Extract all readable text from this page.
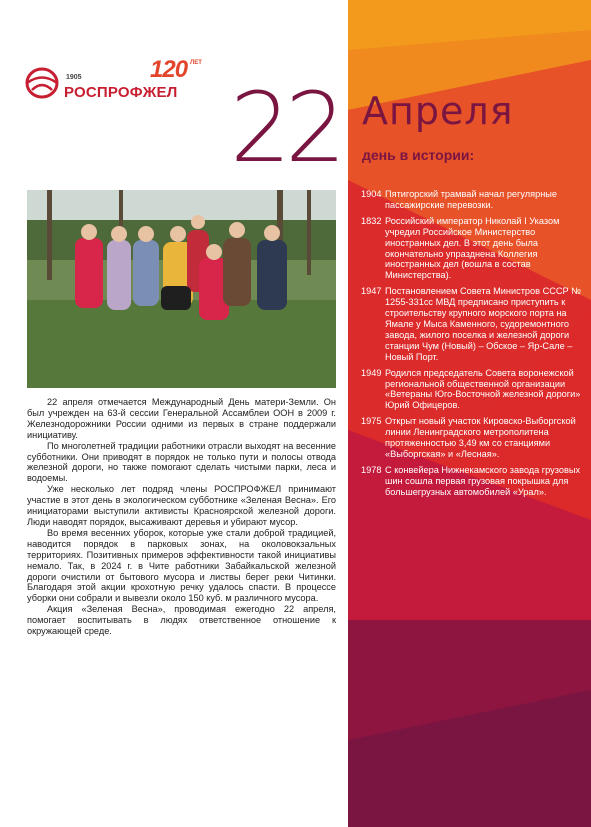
1905
РОСПРОФЖЕЛ
120 ЛЕТ
22 Апреля
день в истории:

22 апреля отмечается Международный День матери-Земли. Он был учрежден на 63-й сессии Генеральной Ассамблеи ООН в 2009 г. Железнодорожники России одними из первых в стране поддержали инициативу.

По многолетней традиции работники отрасли выходят на весенние субботники. Они приводят в порядок не только пути и полосы отвода железной дороги, но также помогают сделать чистыми парки, леса и водоемы.

Уже несколько лет подряд члены РОСПРОФЖЕЛ принимают участие в этот день в экологическом субботнике «Зеленая Весна». Его инициаторами выступили активисты Красноярской железной дороги. Люди наводят порядок, высаживают деревья и убирают мусор.

Во время весенних уборок, которые уже стали доброй традицией, наводится порядок в парковых зонах, на околовокзальных территориях. Позитивных примеров эффективности такой инициативы немало. Так, в 2024 г. в Чите работники Забайкальской железной дороги очистили от бытового мусора и листвы берег реки Читинки. Благодаря этой акции крохотную речку удалось спасти. В процессе уборки они собрали и вывезли около 150 куб. м различного мусора.

Акция «Зеленая Весна», проводимая ежегодно 22 апреля, помогает воспитывать в людях ответственное отношение к окружающей среде.

1904 Пятигорский трамвай начал регулярные пассажирские перевозки.
1832 Российский император Николай I Указом учредил Российское Министерство иностранных дел. В этот день была окончательно упразднена Коллегия иностранных дел (вошла в состав Министерства).
1947 Постановлением Совета Министров СССР № 1255-331сс МВД предписано приступить к строительству крупного морского порта на Ямале у Мыса Каменного, судоремонтного завода, жилого поселка и железной дороги станции Чум (Новый) – Обское – Яр-Сале – Новый Порт.
1949 Родился председатель Совета воронежской региональной общественной организации «Ветераны Юго-Восточной железной дороги» Юрий Офицеров.
1975 Открыт новый участок Кировско-Выборгской линии Ленинградского метрополитена протяженностью 3,49 км со станциями «Выборгская» и «Лесная».
1978 С конвейера Нижнекамского завода грузовых шин сошла первая грузовая покрышка для большегрузных автомобилей «Урал».
